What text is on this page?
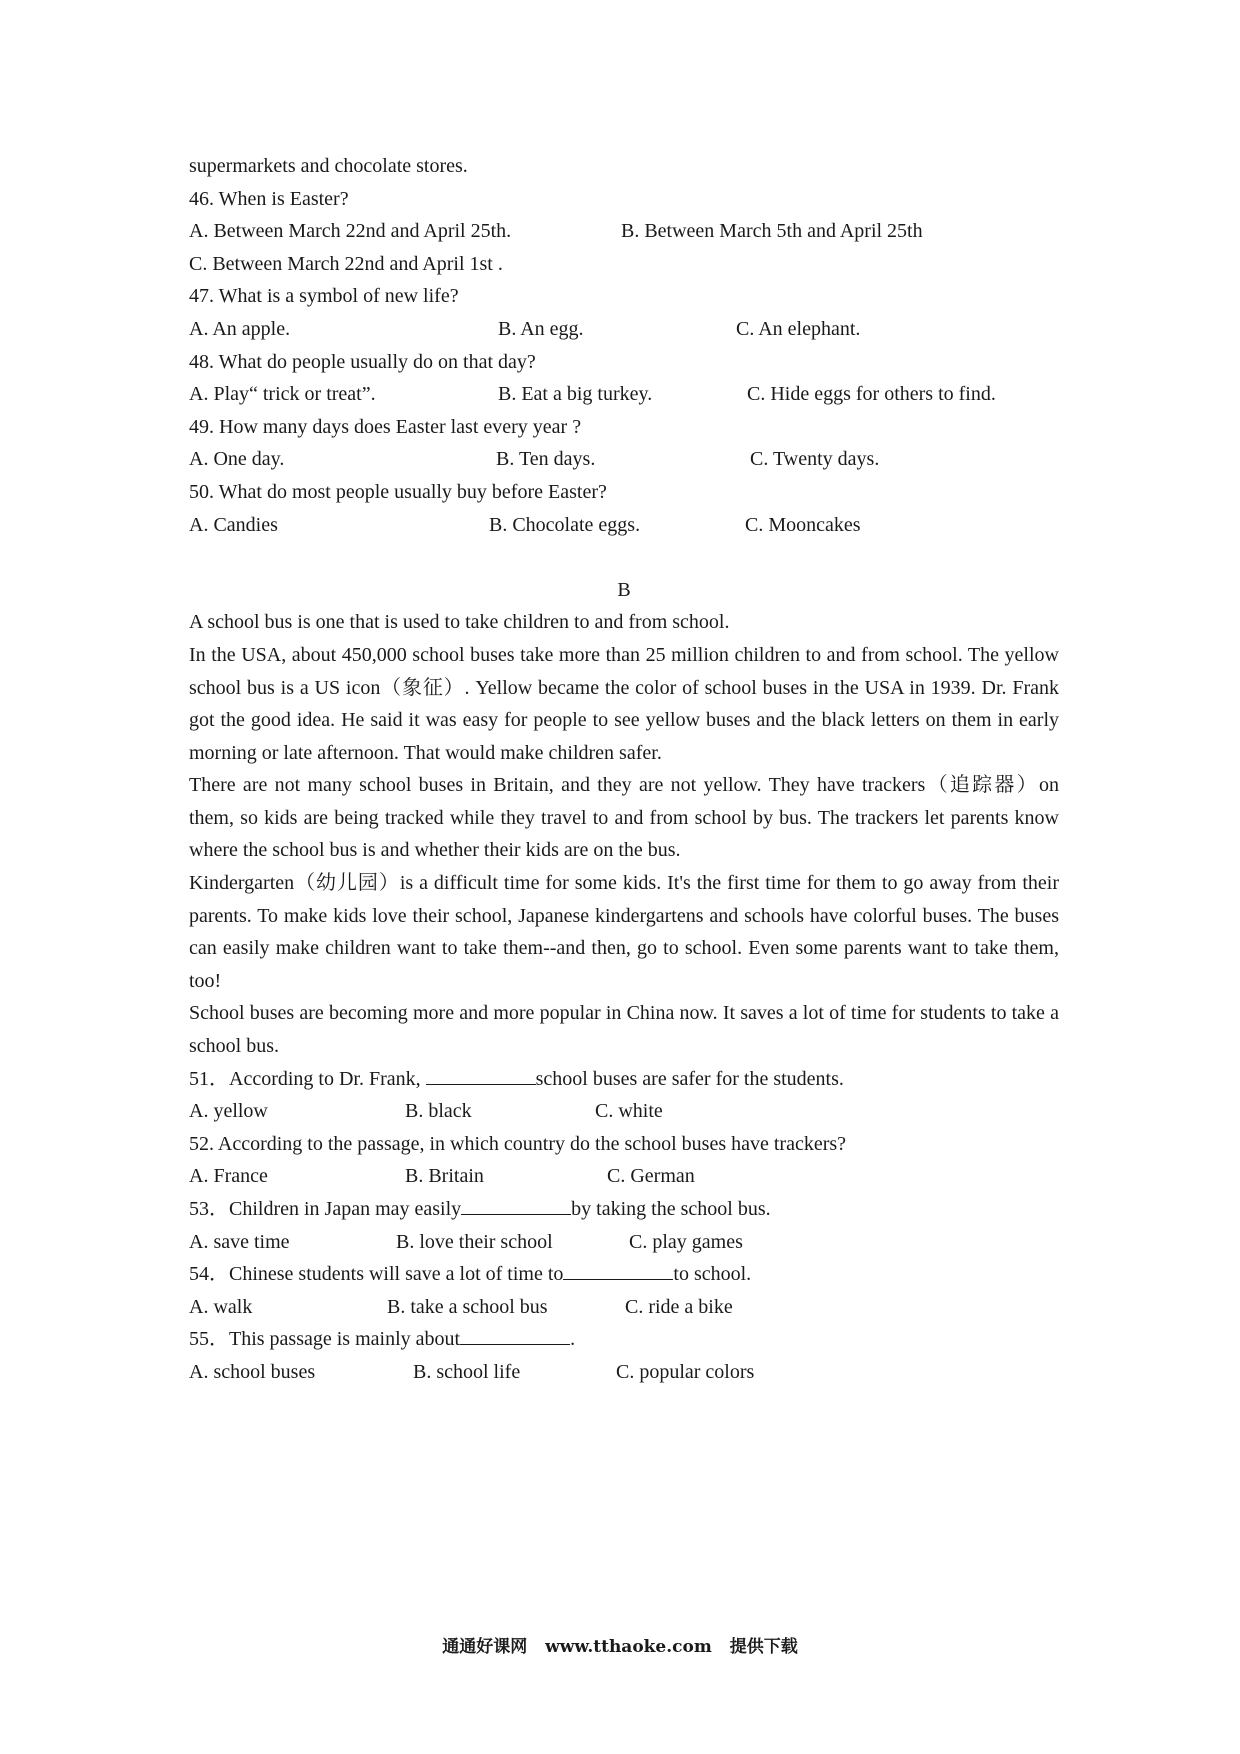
supermarkets and chocolate stores.
46. When is Easter?
A. Between March 22nd and April 25th.	B. Between March 5th and April 25th
C. Between March 22nd and April 1st .
47. What is a symbol of new life?
A. An apple.	B. An egg.	C. An elephant.
48. What do people usually do on that day?
A. Play“ trick or treat”.	B. Eat a big turkey.	C. Hide eggs for others to find.
49. How many days does Easter last every year ?
A. One day.	B. Ten days.	C. Twenty days.
50. What do most people usually buy before Easter?
A. Candies	B. Chocolate eggs.	C. Mooncakes
B
A school bus is one that is used to take children to and from school.
In the USA, about 450,000 school buses take more than 25 million children to and from school. The yellow school bus is a US icon（象征）. Yellow became the color of school buses in the USA in 1939. Dr. Frank got the good idea. He said it was easy for people to see yellow buses and the black letters on them in early morning or late afternoon. That would make children safer.
There are not many school buses in Britain, and they are not yellow. They have trackers（追踪器）on them, so kids are being tracked while they travel to and from school by bus. The trackers let parents know where the school bus is and whether their kids are on the bus.
Kindergarten（幼儿园）is a difficult time for some kids. It's the first time for them to go away from their parents. To make kids love their school, Japanese kindergartens and schools have colorful buses. The buses can easily make children want to take them--and then, go to school. Even some parents want to take them, too!
School buses are becoming more and more popular in China now. It saves a lot of time for students to take a school bus.
51．According to Dr. Frank,	school buses are safer for the students.
A. yellow	B. black	C. white
52. According to the passage, in which country do the school buses have trackers?
A. France	B. Britain	C. German
53．Children in Japan may easily	by taking the school bus.
A. save time	B. love their school	C. play games
54．Chinese students will save a lot of time to	to school.
A. walk	B. take a school bus	C. ride a bike
55．This passage is mainly about	.
A. school buses	B. school life	C. popular colors
通通好课网 www.tthaoke.com 提供下载
